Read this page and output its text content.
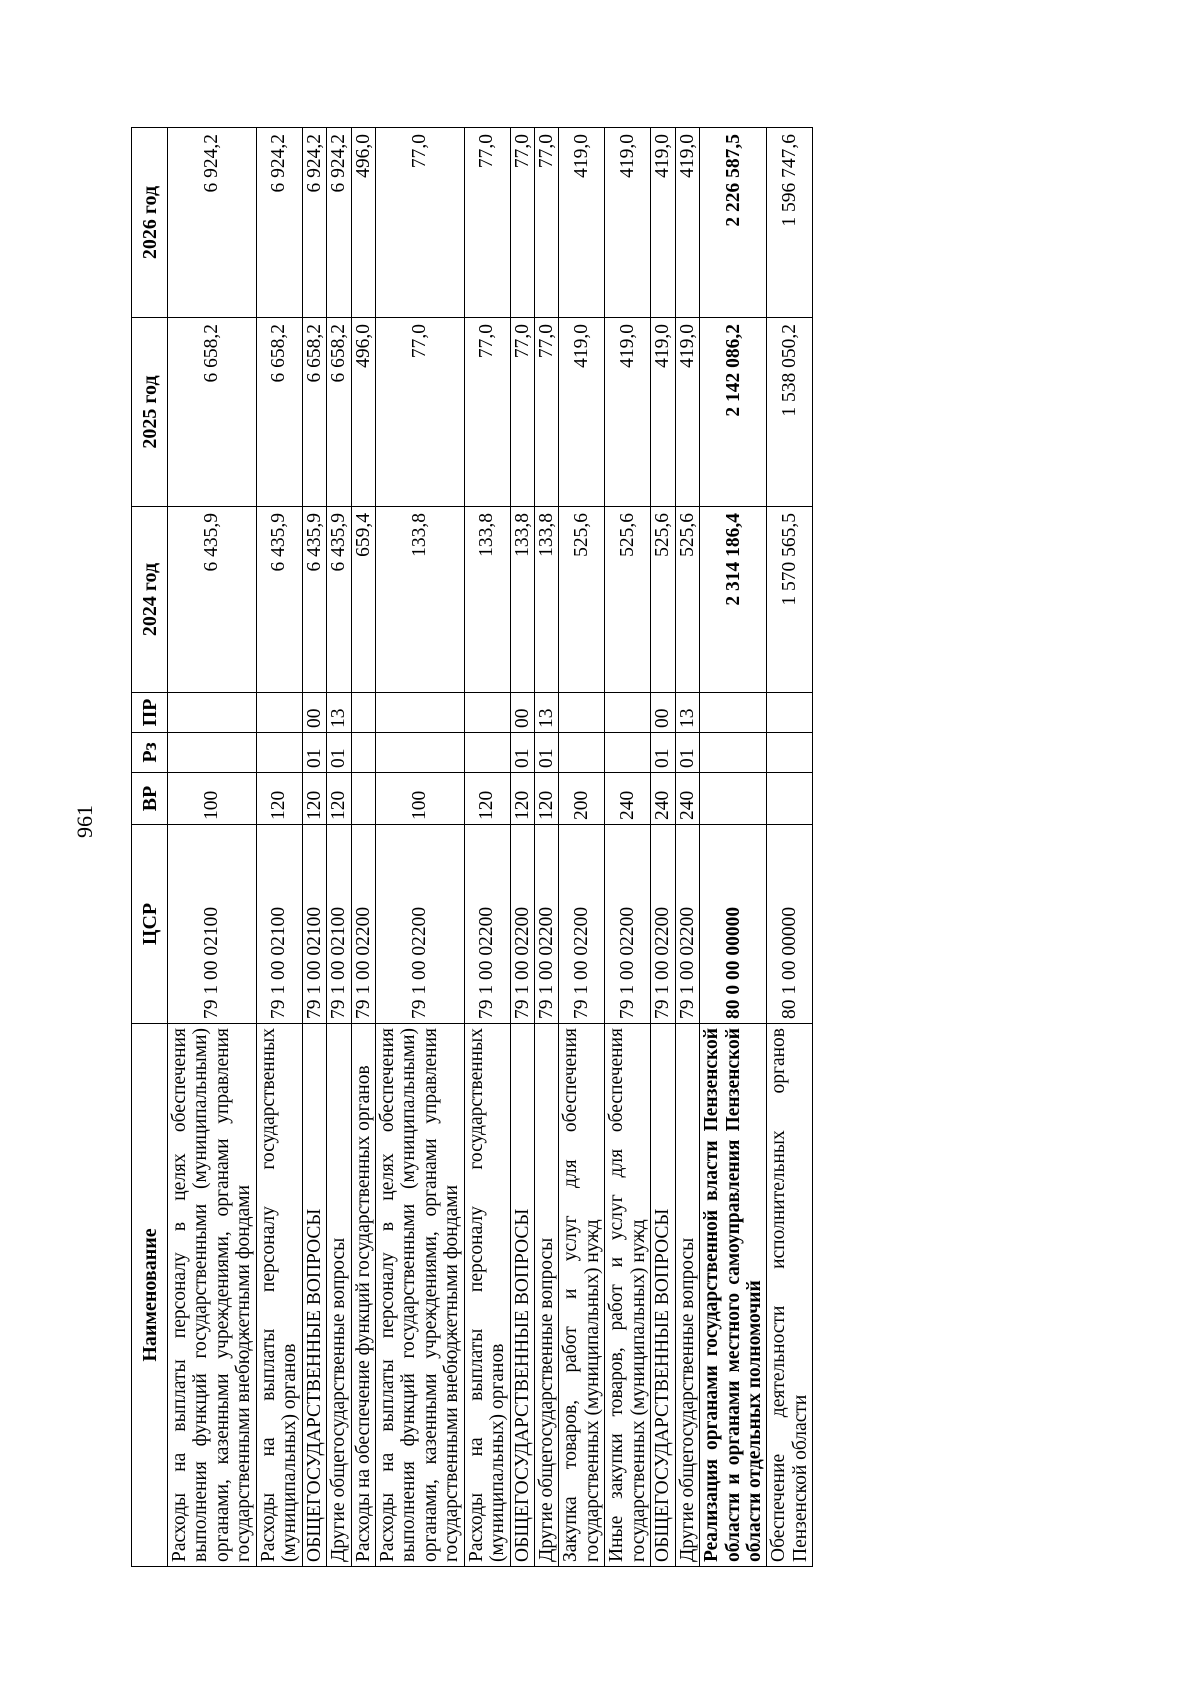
961
Наименование	ЦСР	ВР	Рз	ПР	2024 год	2025 год	2026 год
Расходы на выплаты персоналу в целях обеспечения выполнения функций государственными (муниципальными) органами, казенными учреждениями, органами управления государственными внебюджетными фондами	79 1 00 02100	100			6 435,9	6 658,2	6 924,2
Расходы на выплаты персоналу государственных (муниципальных) органов	79 1 00 02100	120			6 435,9	6 658,2	6 924,2
ОБЩЕГОСУДАРСТВЕННЫЕ ВОПРОСЫ	79 1 00 02100	120	01	00	6 435,9	6 658,2	6 924,2
Другие общегосударственные вопросы	79 1 00 02100	120	01	13	6 435,9	6 658,2	6 924,2
Расходы на обеспечение функций государственных органов	79 1 00 02200				659,4	496,0	496,0
Расходы на выплаты персоналу в целях обеспечения выполнения функций государственными (муниципальными) органами, казенными учреждениями, органами управления государственными внебюджетными фондами	79 1 00 02200	100			133,8	77,0	77,0
Расходы на выплаты персоналу государственных (муниципальных) органов	79 1 00 02200	120			133,8	77,0	77,0
ОБЩЕГОСУДАРСТВЕННЫЕ ВОПРОСЫ	79 1 00 02200	120	01	00	133,8	77,0	77,0
Другие общегосударственные вопросы	79 1 00 02200	120	01	13	133,8	77,0	77,0
Закупка товаров, работ и услуг для обеспечения государственных (муниципальных) нужд	79 1 00 02200	200			525,6	419,0	419,0
Иные закупки товаров, работ и услуг для обеспечения государственных (муниципальных) нужд	79 1 00 02200	240			525,6	419,0	419,0
ОБЩЕГОСУДАРСТВЕННЫЕ ВОПРОСЫ	79 1 00 02200	240	01	00	525,6	419,0	419,0
Другие общегосударственные вопросы	79 1 00 02200	240	01	13	525,6	419,0	419,0
Реализация органами государственной власти Пензенской области и органами местного самоуправления Пензенской области отдельных полномочий	80 0 00 00000				2 314 186,4	2 142 086,2	2 226 587,5
Обеспечение деятельности исполнительных органов Пензенской области	80 1 00 00000				1 570 565,5	1 538 050,2	1 596 747,6
